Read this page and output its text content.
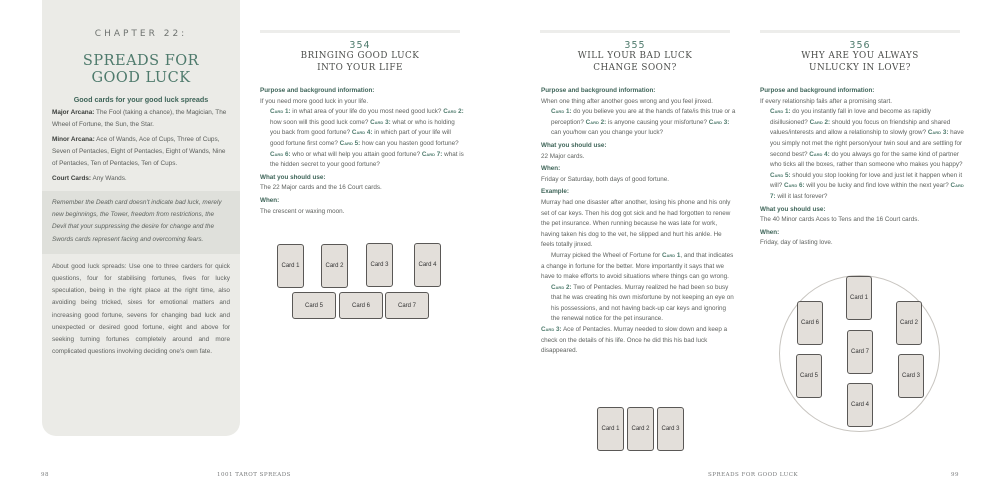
CHAPTER 22:
SPREADS FOR
GOOD LUCK
Good cards for your good luck spreads
Major Arcana: The Fool (taking a chance), the Magician, The Wheel of Fortune, the Sun, the Star.
Minor Arcana: Ace of Wands, Ace of Cups, Three of Cups, Seven of Pentacles, Eight of Pentacles, Eight of Wands, Nine of Pentacles, Ten of Pentacles, Ten of Cups.
Court Cards: Any Wands.
Remember the Death card doesn't indicate bad luck, merely new beginnings, the Tower, freedom from restrictions, the Devil that your suppressing the desire for change and the Swords cards represent facing and overcoming fears.
About good luck spreads: Use one to three carders for quick questions, four for stabilising fortunes, fives for lucky speculation, being in the right place at the right time, also avoiding being tricked, sixes for emotional matters and increasing good fortune, sevens for changing bad luck and unexpected or desired good fortune, eight and above for seeking turning fortunes completely around and more complicated questions involving deciding one's own fate.
354
BRINGING GOOD LUCK
INTO YOUR LIFE
Purpose and background information:
If you need more good luck in your life.
Card 1: in what area of your life do you most need good luck? Card 2: how soon will this good luck come? Card 3: what or who is holding you back from good fortune? Card 4: in which part of your life will good fortune first come? Card 5: how can you hasten good fortune? Card 6: who or what will help you attain good fortune? Card 7: what is the hidden secret to your good fortune?
What you should use:
The 22 Major cards and the 16 Court cards.
When:
The crescent or waxing moon.
Card 1	Card 2	Card 3	Card 4
Card 5	Card 6	Card 7
355
WILL YOUR BAD LUCK
CHANGE SOON?
Purpose and background information:
When one thing after another goes wrong and you feel jinxed.
Card 1: do you believe you are at the hands of fate/is this true or a perception? Card 2: is anyone causing your misfortune? Card 3: can you/how can you change your luck?
What you should use:
22 Major cards.
When:
Friday or Saturday, both days of good fortune.
Example:
Murray had one disaster after another, losing his phone and his only set of car keys. Then his dog got sick and he had forgotten to renew the pet insurance. When running because he was late for work, having taken his dog to the vet, he slipped and hurt his ankle. He feels totally jinxed.
Murray picked the Wheel of Fortune for Card 1, and that indicates a change in fortune for the better. More importantly it says that we have to make efforts to avoid situations where things can go wrong.
Card 2: Two of Pentacles. Murray realized he had been so busy that he was creating his own misfortune by not keeping an eye on his possessions, and not having back-up car keys and ignoring the renewal notice for the pet insurance.
Card 3: Ace of Pentacles. Murray needed to slow down and keep a check on the details of his life. Once he did this his bad luck disappeared.
Card 1	Card 2	Card 3
356
WHY ARE YOU ALWAYS
UNLUCKY IN LOVE?
Purpose and background information:
If every relationship fails after a promising start.
Card 1: do you instantly fall in love and become as rapidly disillusioned? Card 2: should you focus on friendship and shared values/interests and allow a relationship to slowly grow? Card 3: have you simply not met the right person/your twin soul and are settling for second best? Card 4: do you always go for the same kind of partner who ticks all the boxes, rather than someone who makes you happy? Card 5: should you stop looking for love and just let it happen when it will? Card 6: will you be lucky and find love within the next year? Card 7: will it last forever?
What you should use:
The 40 Minor cards Aces to Tens and the 16 Court cards.
When:
Friday, day of lasting love.
Card 1
Card 2
Card 3
Card 4
Card 5
Card 6
Card 7
98	1001 TAROT SPREADS	SPREADS FOR GOOD LUCK	99
